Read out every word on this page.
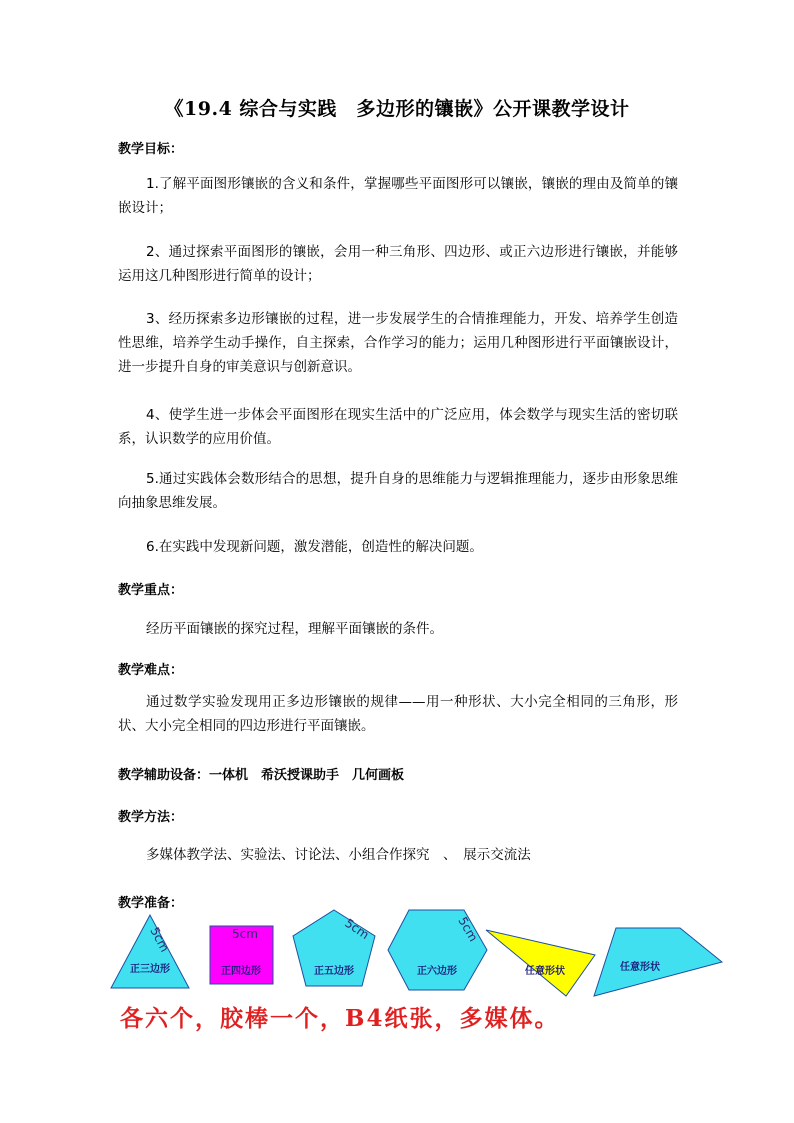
《19.4 综合与实践　多边形的镶嵌》公开课教学设计
教学目标：
1.了解平面图形镶嵌的含义和条件，掌握哪些平面图形可以镶嵌，镶嵌的理由及简单的镶嵌设计；
2、通过探索平面图形的镶嵌，会用一种三角形、四边形、或正六边形进行镶嵌，并能够运用这几种图形进行简单的设计；
3、经历探索多边形镶嵌的过程，进一步发展学生的合情推理能力，开发、培养学生创造性思维，培养学生动手操作，自主探索，合作学习的能力；运用几种图形进行平面镶嵌设计，进一步提升自身的审美意识与创新意识。
4、使学生进一步体会平面图形在现实生活中的广泛应用，体会数学与现实生活的密切联系，认识数学的应用价值。
5.通过实践体会数形结合的思想，提升自身的思维能力与逻辑推理能力，逐步由形象思维向抽象思维发展。
6.在实践中发现新问题，激发潜能，创造性的解决问题。
教学重点：
经历平面镶嵌的探究过程，理解平面镶嵌的条件。
教学难点：
通过数学实验发现用正多边形镶嵌的规律——用一种形状、大小完全相同的三角形，形状、大小完全相同的四边形进行平面镶嵌。
教学辅助设备：一体机　希沃授课助手　几何画板
教学方法：
多媒体教学法、实验法、讨论法、小组合作探究　、　展示交流法
教学准备：
5cm
正三边形
5cm
正四边形
5cm
正五边形
5cm
正六边形	任意形状	任意形状
各六个，胶棒一个，B4纸张，多媒体。
